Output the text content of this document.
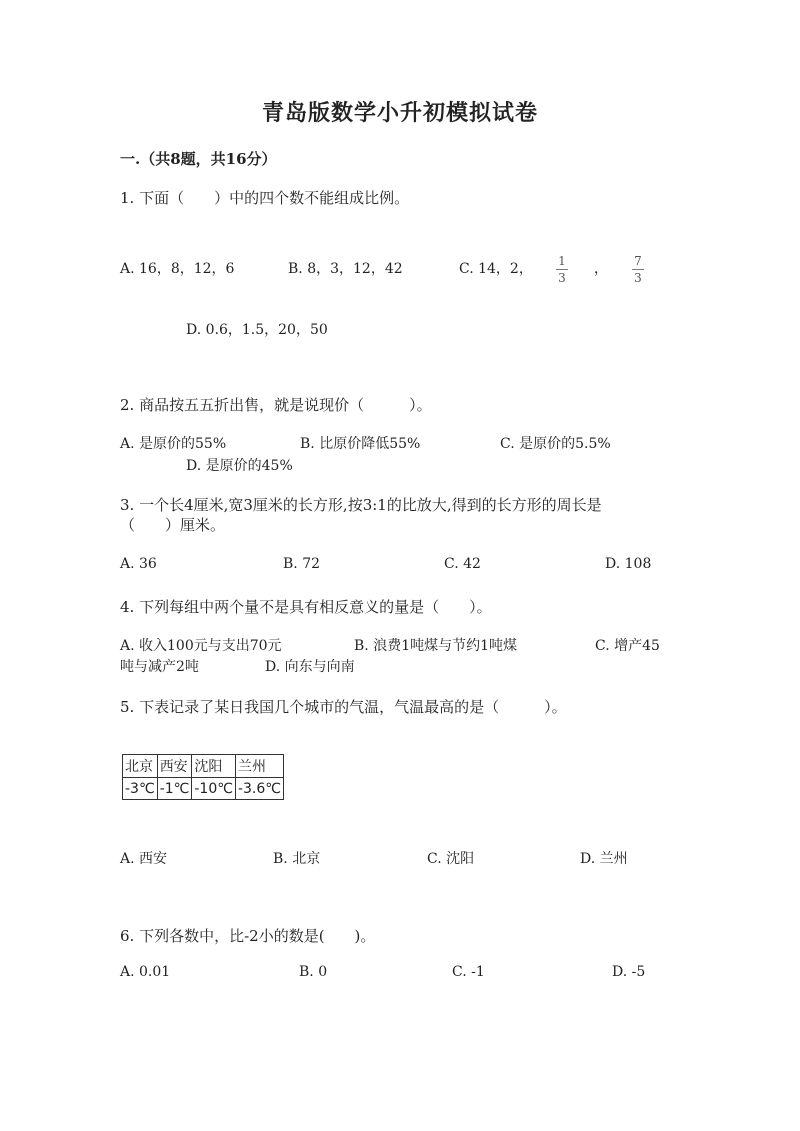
青岛版数学小升初模拟试卷
一.（共8题，共16分）
1. 下面（　　）中的四个数不能组成比例。
A. 16，8，12，6	B. 8，3，12，42	C. 14，2， 1
3
， 7
3
D. 0.6，1.5，20，50
2. 商品按五五折出售，就是说现价（　　　）。
A. 是原价的55%	B. 比原价降低55%	C. 是原价的5.5%
D. 是原价的45%
3. 一个长4厘米,宽3厘米的长方形,按3:1的比放大,得到的长方形的周长是
（　　）厘米。
A. 36	B. 72	C. 42	D. 108
4. 下列每组中两个量不是具有相反意义的量是（　　）。
A. 收入100元与支出70元	B. 浪费1吨煤与节约1吨煤	C. 增产45
吨与减产2吨	D. 向东与向南
5. 下表记录了某日我国几个城市的气温，气温最高的是（　　　）。
北京	西安	沈阳	兰州
-3℃	-1℃	-10℃	-3.6℃
A. 西安	B. 北京	C. 沈阳	D. 兰州
6. 下列各数中，比-2小的数是(　　)。
A. 0.01	B. 0	C. -1	D. -5
